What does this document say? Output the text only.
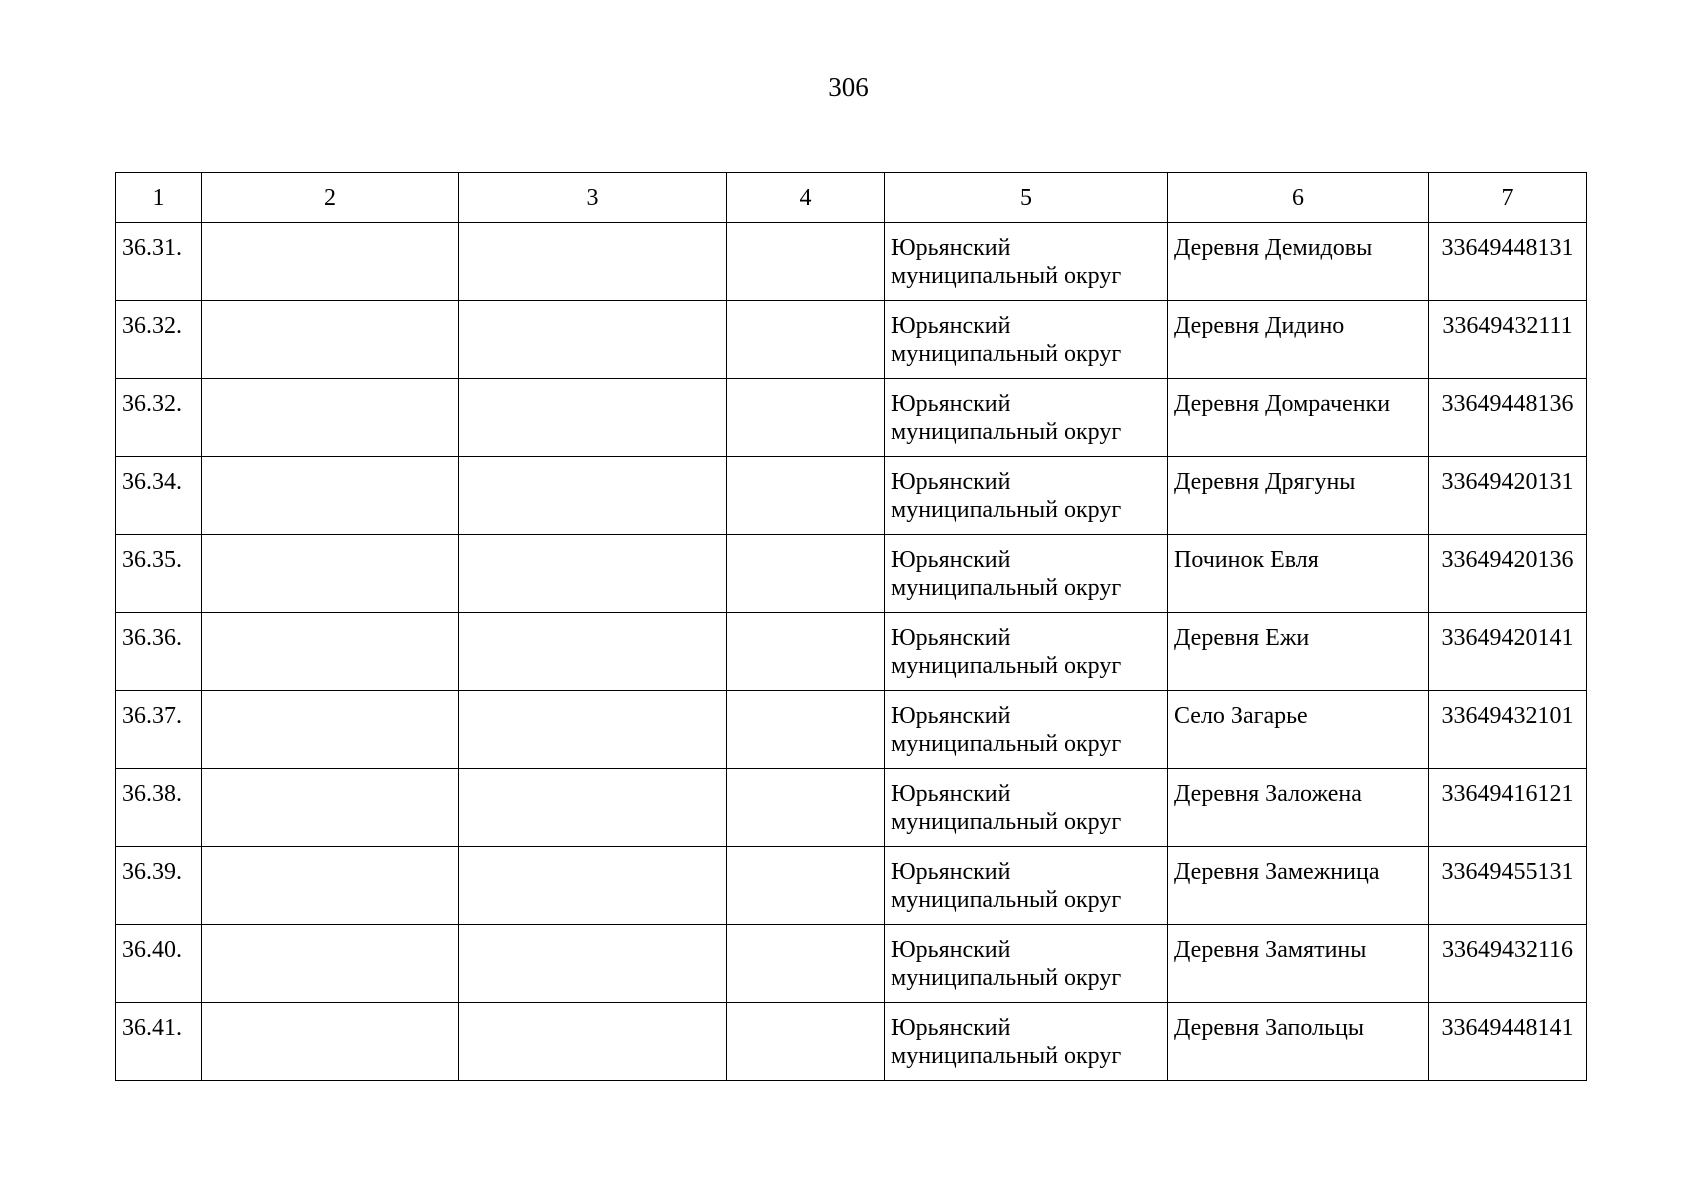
306
1	2	3	4	5	6	7
36.31.				Юрьянский
муниципальный округ	Деревня Демидовы	33649448131
36.32.				Юрьянский
муниципальный округ	Деревня Дидино	33649432111
36.32.				Юрьянский
муниципальный округ	Деревня Домраченки	33649448136
36.34.				Юрьянский
муниципальный округ	Деревня Дрягуны	33649420131
36.35.				Юрьянский
муниципальный округ	Починок Евля	33649420136
36.36.				Юрьянский
муниципальный округ	Деревня Ежи	33649420141
36.37.				Юрьянский
муниципальный округ	Село Загарье	33649432101
36.38.				Юрьянский
муниципальный округ	Деревня Заложена	33649416121
36.39.				Юрьянский
муниципальный округ	Деревня Замежница	33649455131
36.40.				Юрьянский
муниципальный округ	Деревня Замятины	33649432116
36.41.				Юрьянский
муниципальный округ	Деревня Запольцы	33649448141
